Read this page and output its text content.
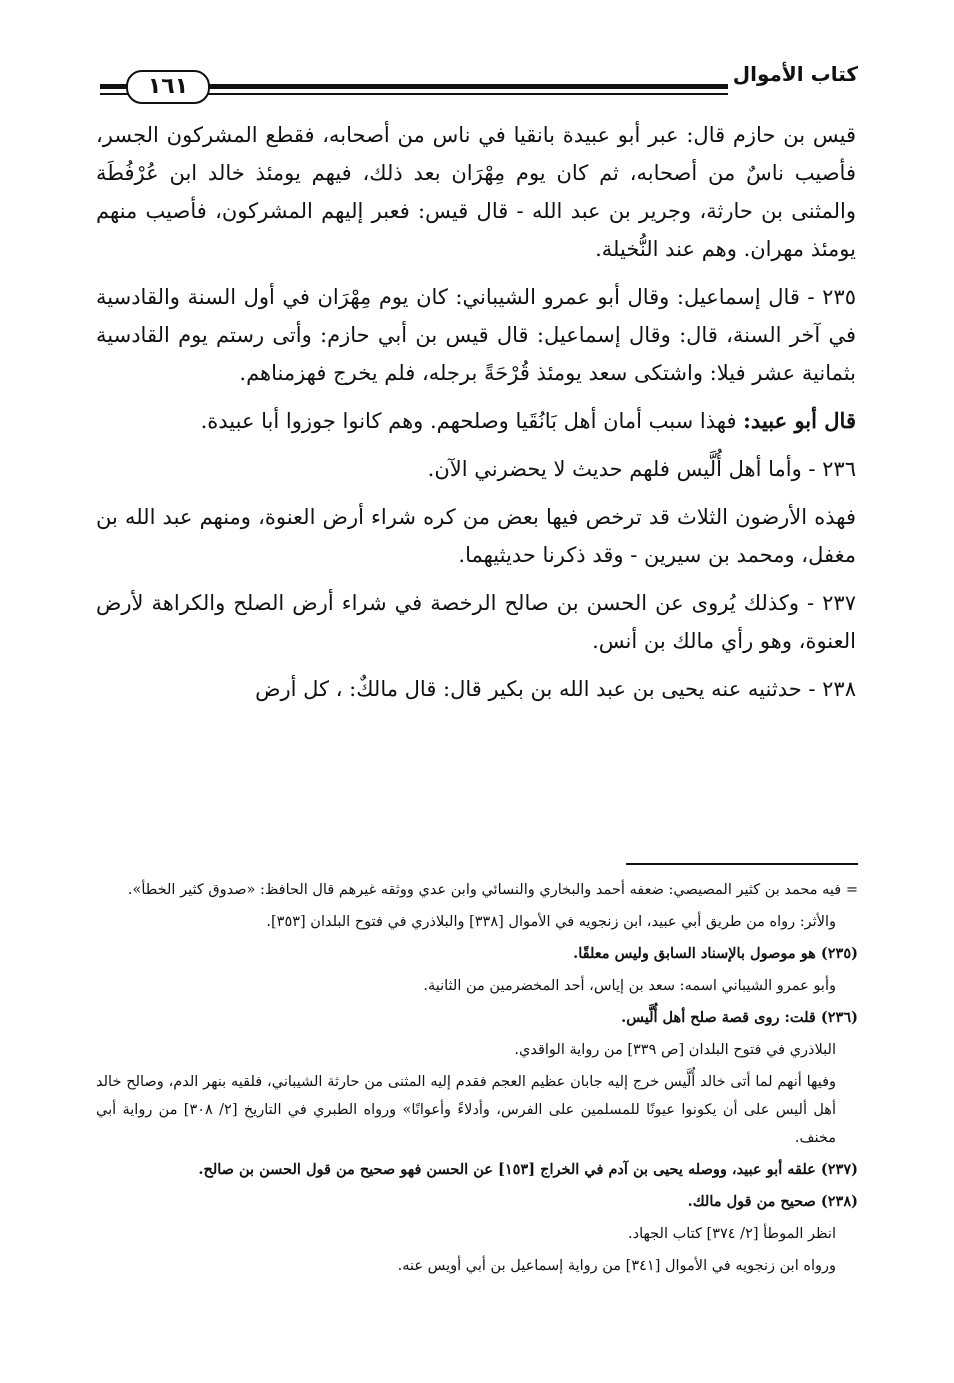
كتاب الأموال
١٦١

قيس بن حازم قال: عبر أبو عبيدة بانقيا في ناس من أصحابه، فقطع المشركون الجسر، فأصيب ناسٌ من أصحابه، ثم كان يوم مِهْرَان بعد ذلك، فيهم يومئذ خالد ابن عُرْفُطَة والمثنى بن حارثة، وجرير بن عبد الله - قال قيس: فعبر إليهم المشركون، فأصيب منهم يومئذ مهران. وهم عند النُّخيلة.

٢٣٥ - قال إسماعيل: وقال أبو عمرو الشيباني: كان يوم مِهْرَان في أول السنة والقادسية في آخر السنة، قال: وقال إسماعيل: قال قيس بن أبي حازم: وأتى رستم يوم القادسية بثمانية عشر فيلا: واشتكى سعد يومئذ قُرْحَةً برجله، فلم يخرج فهزمناهم.

قال أبو عبيد: فهذا سبب أمان أهل بَانُقَيا وصلحهم. وهم كانوا جوزوا أبا عبيدة.

٢٣٦ - وأما أهل أُلَّيس فلهم حديث لا يحضرني الآن.

فهذه الأرضون الثلاث قد ترخص فيها بعض من كره شراء أرض العنوة، ومنهم عبد الله بن مغفل، ومحمد بن سيرين - وقد ذكرنا حديثيهما.

٢٣٧ - وكذلك يُروى عن الحسن بن صالح الرخصة في شراء أرض الصلح والكراهة لأرض العنوة، وهو رأي مالك بن أنس.

٢٣٨ - حدثنيه عنه يحيى بن عبد الله بن بكير قال: قال مالكٌ: ، كل أرض

= فيه محمد بن كثير المصيصي: ضعفه أحمد والبخاري والنسائي وابن عدي ووثقه غيرهم قال الحافظ: «صدوق كثير الخطأ».

والأثر: رواه من طريق أبي عبيد، ابن زنجويه في الأموال [٣٣٨] والبلاذري في فتوح البلدان [٣٥٣].

(٢٣٥) هو موصول بالإسناد السابق وليس معلقًا.

وأبو عمرو الشيباني اسمه: سعد بن إياس، أحد المخضرمين من الثانية.

(٢٣٦) قلت: روى قصة صلح أهل أُلَّيس.

البلاذري في فتوح البلدان [ص ٣٣٩] من رواية الواقدي.

وفيها أنهم لما أتى خالد أُلَّيس خرج إليه جابان عظيم العجم فقدم إليه المثنى من حارثة الشيباني، فلقيه بنهر الدم، وصالح خالد أهل أليس على أن يكونوا عيونًا للمسلمين على الفرس، وأدلاءً وأعوانًا» ورواه الطبري في التاريخ [٢/ ٣٠٨] من رواية أبي مخنف.

(٢٣٧) علقه أبو عبيد، ووصله يحيى بن آدم في الخراج [١٥٣] عن الحسن فهو صحيح من قول الحسن بن صالح.

(٢٣٨) صحيح من قول مالك.

انظر الموطأ [٢/ ٣٧٤] كتاب الجهاد.

ورواه ابن زنجويه في الأموال [٣٤١] من رواية إسماعيل بن أبي أويس عنه.
